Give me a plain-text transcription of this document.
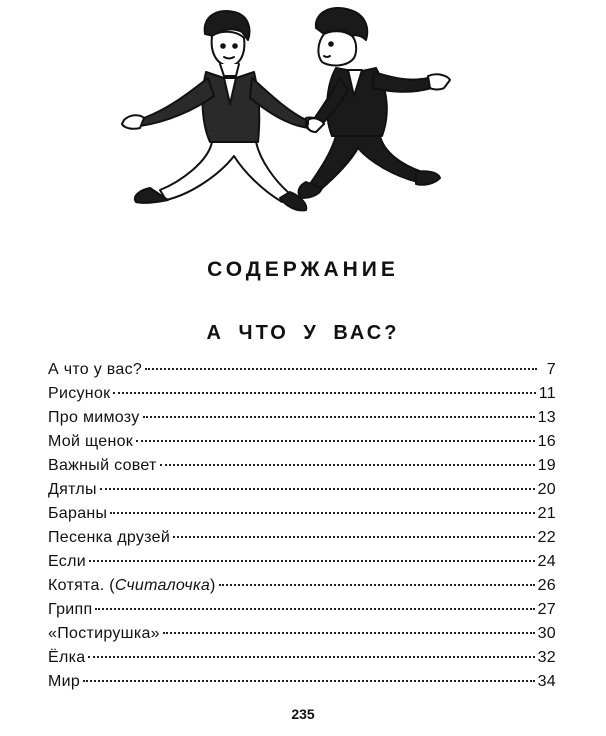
СОДЕРЖАНИЕ
А ЧТО У ВАС?
А что у вас?	7
Рисунок	11
Про мимозу	13
Мой щенок	16
Важный совет	19
Дятлы	20
Бараны	21
Песенка друзей	22
Если	24
Котята. (Считалочка)	26
Грипп	27
«Постирушка»	30
Ёлка	32
Мир	34
235
